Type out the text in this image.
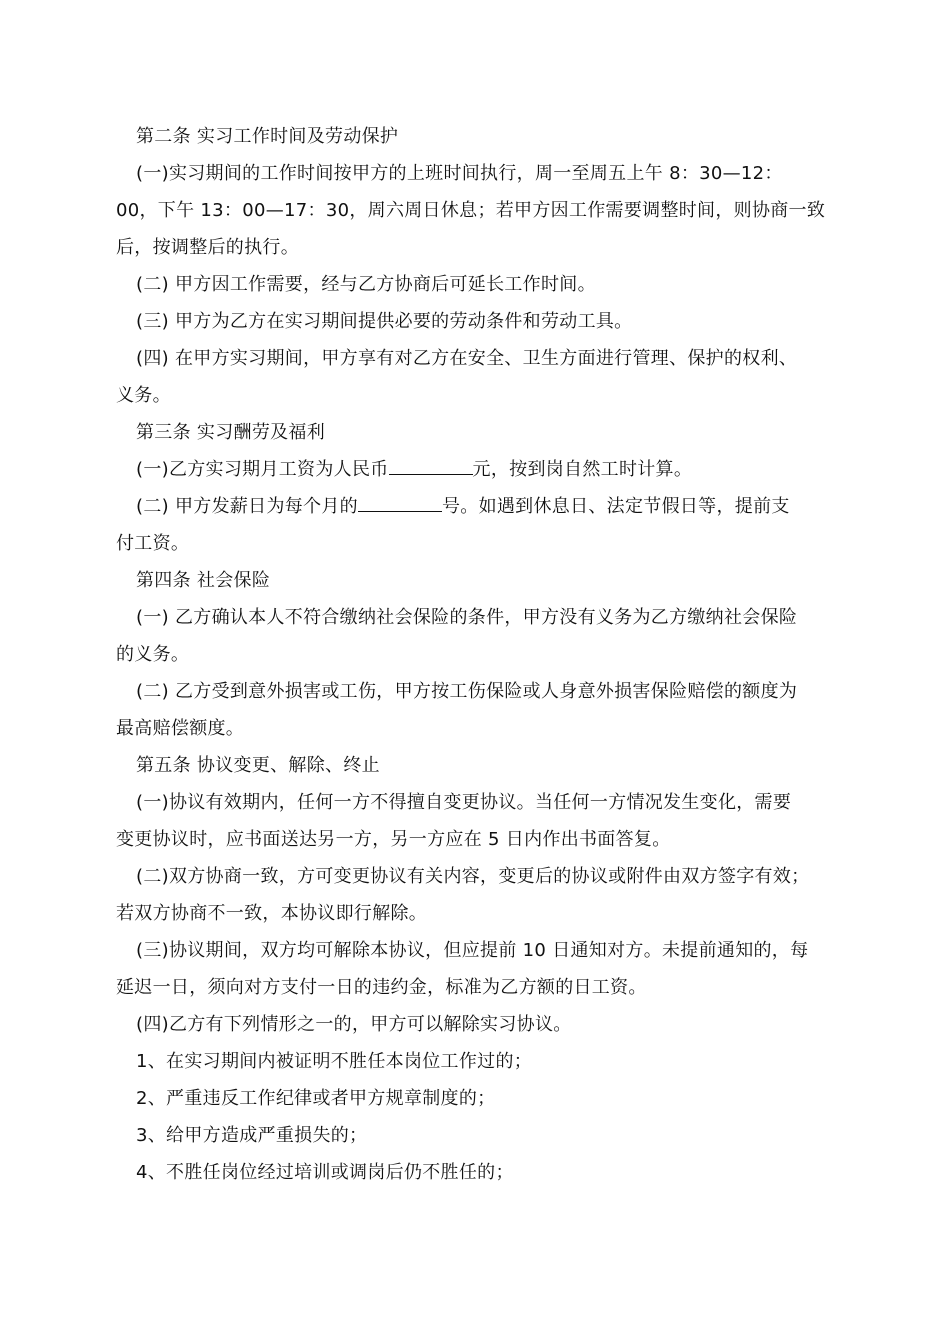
第二条 实习工作时间及劳动保护
(一)实习期间的工作时间按甲方的上班时间执行，周一至周五上午 8：30—12：
00，下午 13：00—17：30，周六周日休息；若甲方因工作需要调整时间，则协商一致
后，按调整后的执行。
(二) 甲方因工作需要，经与乙方协商后可延长工作时间。
(三) 甲方为乙方在实习期间提供必要的劳动条件和劳动工具。
(四) 在甲方实习期间，甲方享有对乙方在安全、卫生方面进行管理、保护的权利、
义务。
第三条 实习酬劳及福利
(一)乙方实习期月工资为人民币	元，按到岗自然工时计算。
(二) 甲方发薪日为每个月的	号。如遇到休息日、法定节假日等，提前支
付工资。
第四条 社会保险
(一) 乙方确认本人不符合缴纳社会保险的条件，甲方没有义务为乙方缴纳社会保险
的义务。
(二) 乙方受到意外损害或工伤，甲方按工伤保险或人身意外损害保险赔偿的额度为
最高赔偿额度。
第五条 协议变更、解除、终止
(一)协议有效期内，任何一方不得擅自变更协议。当任何一方情况发生变化，需要
变更协议时，应书面送达另一方，另一方应在 5 日内作出书面答复。
(二)双方协商一致，方可变更协议有关内容，变更后的协议或附件由双方签字有效；
若双方协商不一致，本协议即行解除。
(三)协议期间，双方均可解除本协议，但应提前 10 日通知对方。未提前通知的，每
延迟一日，须向对方支付一日的违约金，标准为乙方额的日工资。
(四)乙方有下列情形之一的，甲方可以解除实习协议。
1、在实习期间内被证明不胜任本岗位工作过的；
2、严重违反工作纪律或者甲方规章制度的；
3、给甲方造成严重损失的；
4、不胜任岗位经过培训或调岗后仍不胜任的；
